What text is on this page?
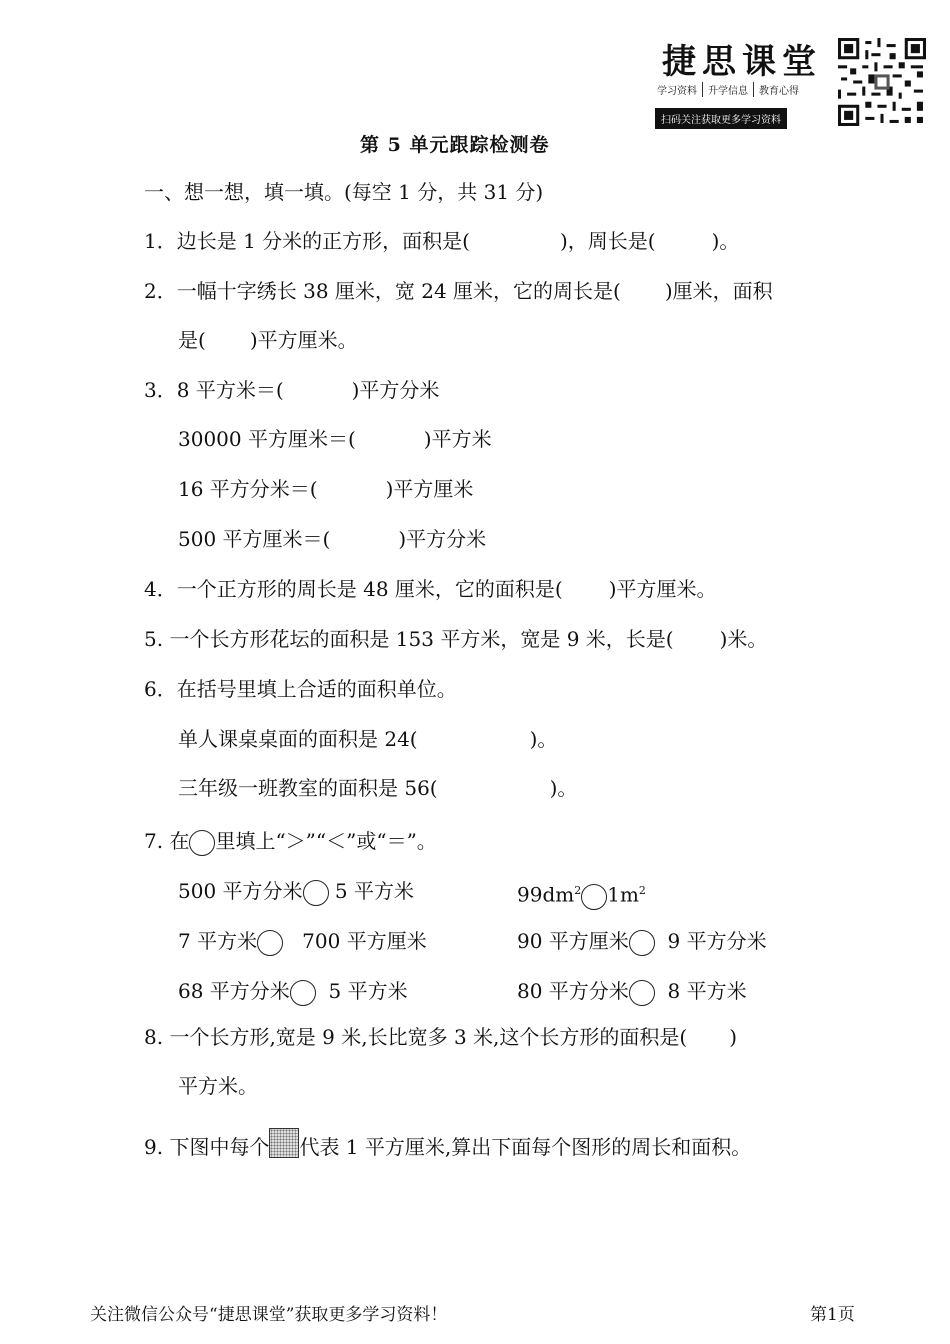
捷思课堂
学习资料	升学信息	教育心得
扫码关注获取更多学习资料
第 5 单元跟踪检测卷
一、想一想，填一填。(每空 1 分，共 31 分)
1．边长是 1 分米的正方形，面积是(	)，周长是(	)。
2．一幅十字绣长 38 厘米，宽 24 厘米，它的周长是( )厘米，面积
是( )平方厘米。
3．8 平方米＝(	)平方分米
30000 平方厘米＝(	)平方米
16 平方分米＝(	)平方厘米
500 平方厘米＝(	)平方分米
4．一个正方形的周长是 48 厘米，它的面积是( )平方厘米。
5. 一个长方形花坛的面积是 153 平方米，宽是 9 米，长是( )米。
6．在括号里填上合适的面积单位。
单人课桌桌面的面积是 24(	)。
三年级一班教室的面积是 56(	)。
7. 在 里填上“＞”“＜”或“＝”。
500 平方分米 5 平方米	$99dm^2$ $1m^2$
7 平方米 700 平方厘米	90 平方厘米 9 平方分米
68 平方分米 5 平方米	80 平方分米 8 平方米
8. 一个长方形,宽是 9 米,长比宽多 3 米,这个长方形的面积是( )
平方米。
9. 下图中每个 代表 1 平方厘米,算出下面每个图形的周长和面积。
关注微信公众号“捷思课堂”获取更多学习资料！	第1页
